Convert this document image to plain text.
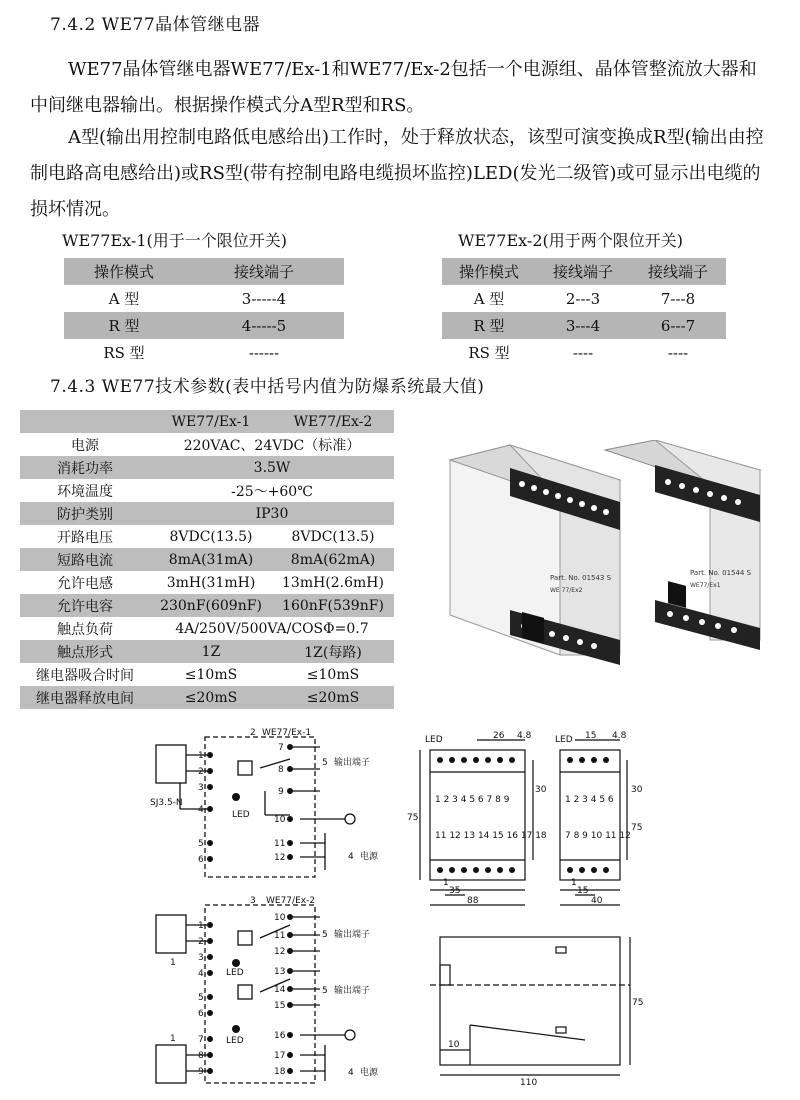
7.4.2 WE77晶体管继电器
WE77晶体管继电器WE77/Ex-1和WE77/Ex-2包括一个电源组、晶体管整流放大器和中间继电器输出。根据操作模式分A型R型和RS。
A型(输出用控制电路低电感给出)工作时，处于释放状态，该型可演变换成R型(输出由控制电路高电感给出)或RS型(带有控制电路电缆损坏监控)LED(发光二级管)或可显示出电缆的损坏情况。
WE77Ex-1(用于一个限位开关)
操作模式	接线端子
A 型	3-----4
R 型	4-----5
RS 型	------
WE77Ex-2(用于两个限位开关)
操作模式	接线端子	接线端子
A 型	2---3	7---8
R 型	3---4	6---7
RS 型	----	----
7.4.3 WE77技术参数(表中括号内值为防爆系统最大值)
	WE77/Ex-1	WE77/Ex-2
电源	220VAC、24VDC（标准）	
消耗功率	3.5W	
环境温度	-25～+60℃	
防护类别	IP30	
开路电压	8VDC(13.5)	8VDC(13.5)
短路电流	8mA(31mA)	8mA(62mA)
允许电感	3mH(31mH)	13mH(2.6mH)
允许电容	230nF(609nF)	160nF(539nF)
触点负荷	4A/250V/500VA/COSΦ=0.7	
触点形式	1Z	1Z(每路)
继电器吸合时间	≤10mS	≤10mS
继电器释放电间	≤20mS	≤20mS
Part. No. 01543 S
WE 77/Ex2
Part. No. 01544 S
WE77/Ex1
220VAC
2 WE77/Ex-1
1
2
3
4
5
6
7
8
9
10
11
12
5 输出端子
4 电源
SJ3.5-N
LED
3 WE77/Ex-2
1
2
3
4
5
6
7
8
9
10
11
12
13
14
15
16
17
18
5 输出端子
5 输出端子
4 电源
1
1
LED
LED
1 2 3 4 5 6 7 8 9
11 12 13 14 15 16 17 18
1 2 3 4 5 6
7 8 9 10 11 12
LED	LED
26 4.8
30
88
35
75
1
15 4.8
30
40
15
75
1
75
10
110
